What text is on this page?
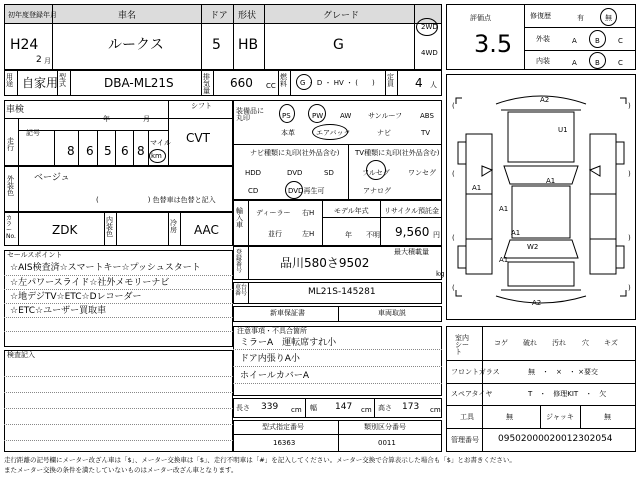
初年度登録年月	車名	ドア 形状	グレード
H24
2 月
ルークス	5 HB	G
2WD
4WD
用途 自家用 型式	DBA-ML21S	排気量
660 CC
燃料 G ・ D ・ HV ・ (　　)
定員 4 人
車検
年	月
シフト
CVT
記号
走行	8 6 5 6 8
マイル
km
外装色
ベージュ
(　　　　　　　) 色替車は色替と記入
カラーNo.	ZDK
内装色
冷房 AAC
セールスポイント
☆AIS検査済☆スマートキー☆プッシュスタート
☆左パワースライド☆社外メモリーナビ
☆地デジTV☆ETC☆Dレコーダー
☆ETC☆ユーザー買取車
検査記入
装備品に丸印	PS	PW AW サンルーフ	ABS
本革	エアバック	ナビ	TV
ナビ種類に丸印(社外品含む) TV種類に丸印(社外品含む)
HDD	DVD	SD
CD	DVD再生可
フルセグ	ワンセグ
アナログ
輸入車
ディーラー
並行
右H
左H
モデル年式
年　　不明
リサイクル預託金
9,560 円
登録番号
品川580さ9502
最大積載量
kg
車台番号	ML21S-145281
新車保証書	車両取説
注意事項・不具合箇所
ミラーA　運転席すれ小
ドア内張りA小
ホイールカバーA
長さ 339 cm 幅 147 cm 高さ 173 cm
型式指定番号
16363
類別区分番号
0011
評価点
3.5
修復歴	有	無
外装	A	B	C
内装	A	B	C
(	)
(	)
(	)
(	)
A2
U1
A1
A1
A1
A1
A1
W2
A2
室内シート
コゲ 破れ 汚れ 穴 キズ
フロントガラス	無　・　×　・ ×要交
スペアタイヤ	T　・　修理KIT　・　欠
工具	無	ジャッキ	無
管理番号 09502000020012302054
走行距離の記号欄にメーター改ざん車は「$」、メーター交換車は「$」、走行不明車は「#」を記入してください。メーター交換で合算表示した場合も「$」とお書きください。
またメーター交換の条件を満たしていないものはメーター改ざん車となります。
